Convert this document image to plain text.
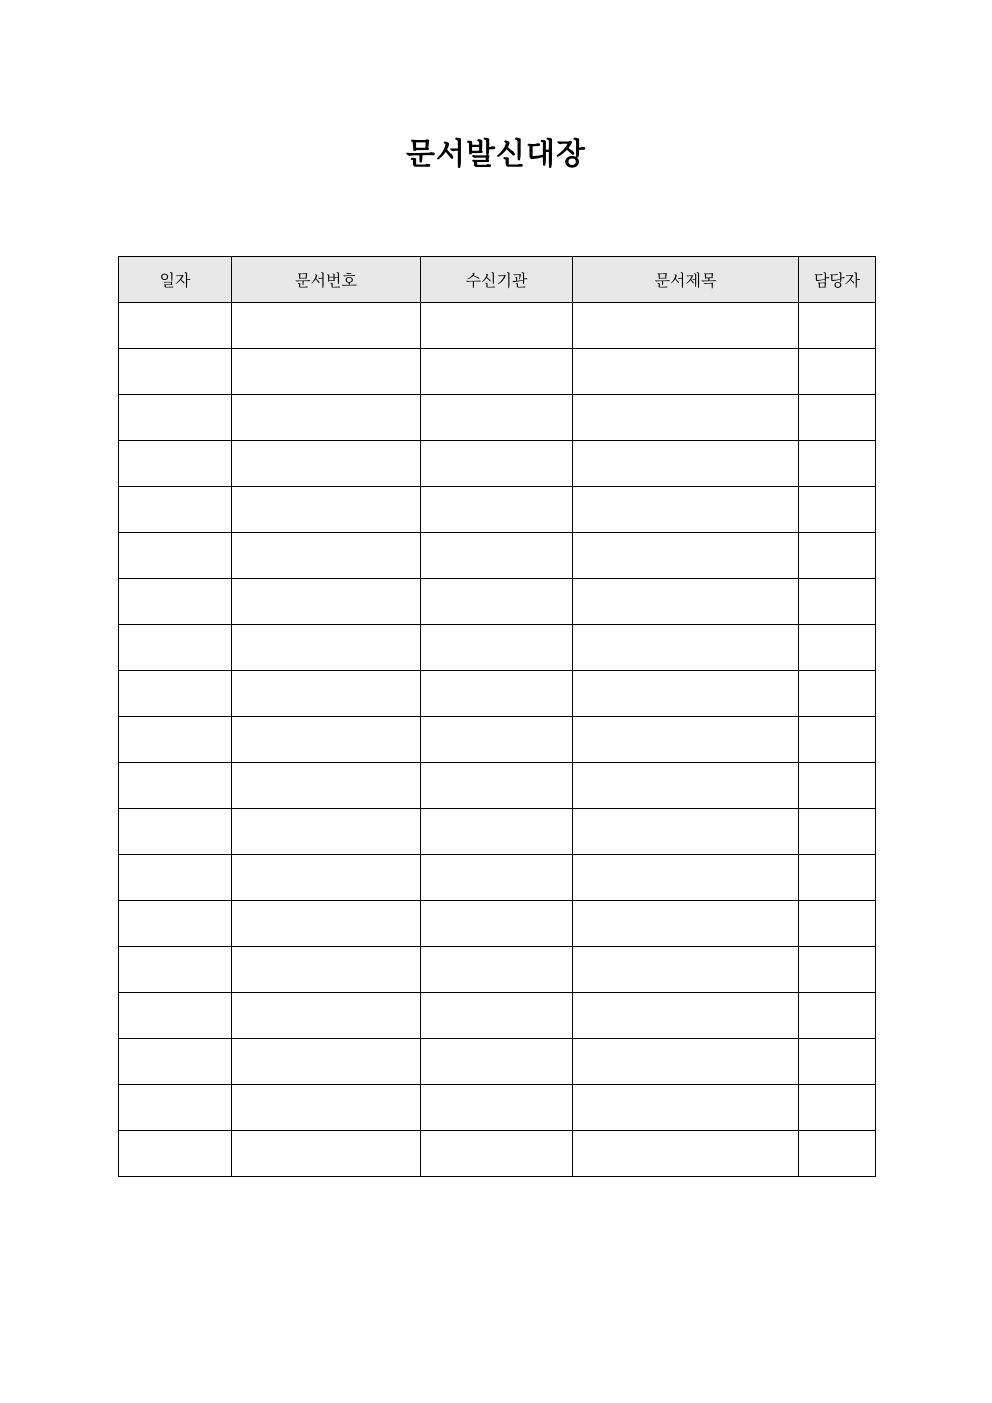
문서발신대장
일자	문서번호	수신기관	문서제목	담당자
